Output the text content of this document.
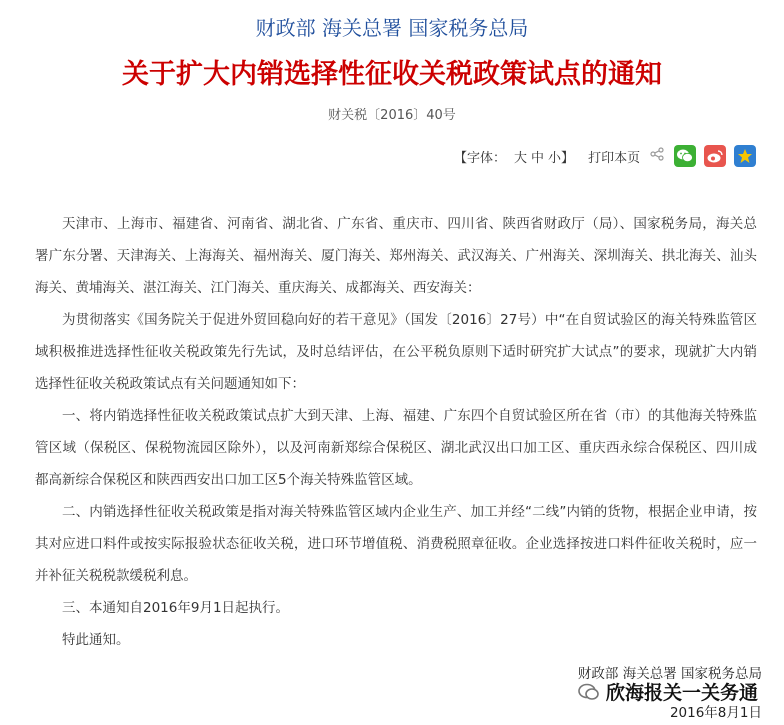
财政部 海关总署 国家税务总局
关于扩大内销选择性征收关税政策试点的通知
财关税〔2016〕40号
【字体： 大 中 小】 打印本页

天津市、上海市、福建省、河南省、湖北省、广东省、重庆市、四川省、陕西省财政厅（局）、国家税务局，海关总署广东分署、天津海关、上海海关、福州海关、厦门海关、郑州海关、武汉海关、广州海关、深圳海关、拱北海关、汕头海关、黄埔海关、湛江海关、江门海关、重庆海关、成都海关、西安海关：

为贯彻落实《国务院关于促进外贸回稳向好的若干意见》（国发〔2016〕27号）中“在自贸试验区的海关特殊监管区域积极推进选择性征收关税政策先行先试，及时总结评估，在公平税负原则下适时研究扩大试点”的要求，现就扩大内销选择性征收关税政策试点有关问题通知如下：

一、将内销选择性征收关税政策试点扩大到天津、上海、福建、广东四个自贸试验区所在省（市）的其他海关特殊监管区域（保税区、保税物流园区除外），以及河南新郑综合保税区、湖北武汉出口加工区、重庆西永综合保税区、四川成都高新综合保税区和陕西西安出口加工区5个海关特殊监管区域。

二、内销选择性征收关税政策是指对海关特殊监管区域内企业生产、加工并经“二线”内销的货物，根据企业申请，按其对应进口料件或按实际报验状态征收关税，进口环节增值税、消费税照章征收。企业选择按进口料件征收关税时，应一并补征关税税款缓税利息。

三、本通知自2016年9月1日起执行。

特此通知。

财政部 海关总署 国家税务总局
欣海报关一关务通
2016年8月1日
